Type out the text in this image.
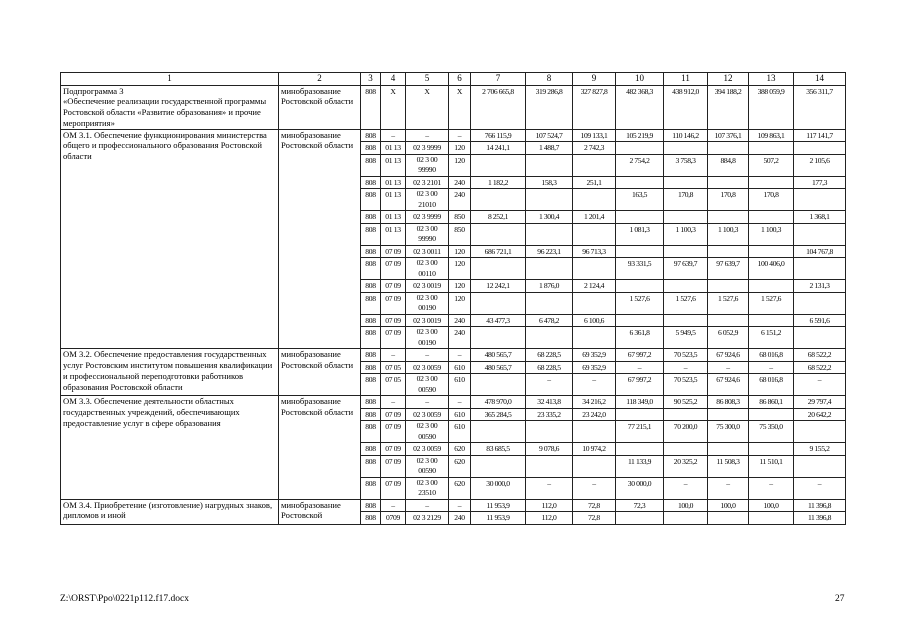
1	2	3	4	5	6	7	8	9	10	11	12	13	14
Подпрограмма 3
«Обеспечение реализации государственной программы Ростовской области «Развитие образования» и прочие мероприятия»	минобразование Ростовской области	808	X	X	X	2 706 665,8	319 286,8	327 827,8	482 368,3	438 912,0	394 188,2	388 059,9	356 311,7
ОМ 3.1. Обеспечение функционирования министерства общего и профессионального образования Ростовской области	минобразование Ростовской области	808	–	–	–	766 115,9	107 524,7	109 133,1	105 219,9	110 146,2	107 376,1	109 863,1	117 141,7
		808	01 13	02 3 9999	120	14 241,1	1 488,7	2 742,3					
		808	01 13	02 3 00 99990	120				2 754,2	3 758,3	884,8	507,2	2 105,6
		808	01 13	02 3 2101	240	1 182,2	158,3	251,1					177,3
		808	01 13	02 3 00 21010	240				163,5	170,8	170,8	170,8	
		808	01 13	02 3 9999	850	8 252,1	1 300,4	1 201,4					1 368,1
		808	01 13	02 3 00 99990	850				1 081,3	1 100,3	1 100,3	1 100,3	
		808	07 09	02 3 0011	120	686 721,1	96 223,1	96 713,3					104 767,8
		808	07 09	02 3 00 00110	120				93 331,5	97 639,7	97 639,7	100 406,0	
		808	07 09	02 3 0019	120	12 242,1	1 876,0	2 124,4					2 131,3
		808	07 09	02 3 00 00190	120				1 527,6	1 527,6	1 527,6	1 527,6	
		808	07 09	02 3 0019	240	43 477,3	6 478,2	6 100,6					6 591,6
		808	07 09	02 3 00 00190	240				6 361,8	5 949,5	6 052,9	6 151,2	
ОМ 3.2. Обеспечение предоставления государственных услуг Ростовским институтом повышения квалификации и профессиональной переподготовки работников образования Ростовской области	минобразование Ростовской области	808	–	–	–	480 565,7	68 228,5	69 352,9	67 997,2	70 523,5	67 924,6	68 016,8	68 522,2
		808	07 05	02 3 0059	610	480 565,7	68 228,5	69 352,9	–	–	–	–	68 522,2
		808	07 05	02 3 00 00590	610		–	–	67 997,2	70 523,5	67 924,6	68 016,8	–
ОМ 3.3. Обеспечение деятельности областных государственных учреждений, обеспечивающих предоставление услуг в сфере образования	минобразование Ростовской области	808	–	–	–	478 970,0	32 413,8	34 216,2	118 349,0	90 525,2	86 808,3	86 860,1	29 797,4
		808	07 09	02 3 0059	610	365 284,5	23 335,2	23 242,0					20 642,2
		808	07 09	02 3 00 00590	610				77 215,1	70 200,0	75 300,0	75 350,0	
		808	07 09	02 3 0059	620	83 685,5	9 078,6	10 974,2					9 155,2
		808	07 09	02 3 00 00590	620				11 133,9	20 325,2	11 508,3	11 510,1	
		808	07 09	02 3 00 23510	620	30 000,0	–	–	30 000,0	–	–	–	–
ОМ 3.4. Приобретение (изготовление) нагрудных знаков, дипломов и иной	минобразование Ростовской	808	–	–	–	11 953,9	112,0	72,8	72,3	100,0	100,0	100,0	11 396,8
		808	0709	02 3 2129	240	11 953,9	112,0	72,8					11 396,8
Z:\ORST\Ppo\0221p112.f17.docx	27
